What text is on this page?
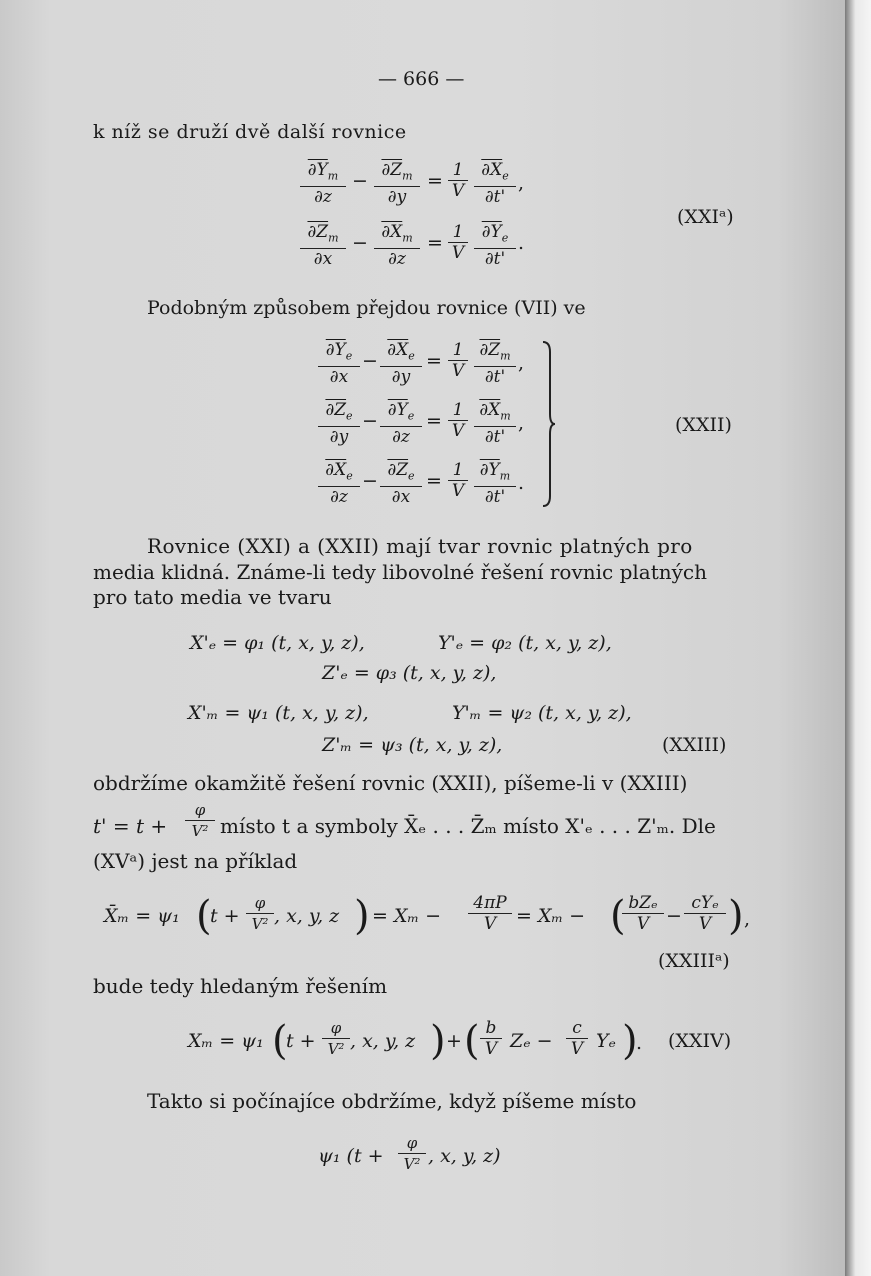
— 666 —
k níž se druží dvě další rovnice
$\frac{\partial Y_m}{\partial z} - \frac{\partial Z_m}{\partial y} = \frac{1}{V} \frac{\partial X_e}{\partial t'}$ ,
$\frac{\partial Z_m}{\partial x} - \frac{\partial X_m}{\partial z} = \frac{1}{V} \frac{\partial Y_e}{\partial t'}$ .
(XXIᵃ)
Podobným způsobem přejdou rovnice (VII) ve
$\frac{\partial Y_e}{\partial x} - \frac{\partial X_e}{\partial y} = \frac{1}{V} \frac{\partial Z_m}{\partial t'}$ ,
$\frac{\partial Z_e}{\partial y} - \frac{\partial Y_e}{\partial z} = \frac{1}{V} \frac{\partial X_m}{\partial t'}$ ,
$\frac{\partial X_e}{\partial z} - \frac{\partial Z_e}{\partial x} = \frac{1}{V} \frac{\partial Y_m}{\partial t'}$ .
(XXII)
Rovnice (XXI) a (XXII) mají tvar rovnic platných pro
media klidná. Známe-li tedy libovolné řešení rovnic platných
pro tato media ve tvaru
X'ₑ = φ₁ (t, x, y, z),	Y'ₑ = φ₂ (t, x, y, z),
Z'ₑ = φ₃ (t, x, y, z),
X'ₘ = ψ₁ (t, x, y, z),	Y'ₘ = ψ₂ (t, x, y, z),
Z'ₘ = ψ₃ (t, x, y, z),	(XXIII)
obdržíme okamžitě řešení rovnic (XXII), píšeme-li v (XXIII)
$t' = t + \frac{\varphi}{\text{V²}}$ místo t a symboly X̄ₑ . . . Z̄ₘ místo X'ₑ . . . Z'ₘ. Dle
(XVᵃ) jest na příklad
X̄ₘ = ψ₁ (
$t + \frac{\varphi}{\text{V²}}$ , x, y, z ) = $X_m - \frac{4\pi P}{V} = X_m$ − ( bZₑ
V −
cYₑ
V ) ,
(XXIIIᵃ)
bude tedy hledaným řešením
Xₘ = ψ₁ (
$t + \frac{\varphi}{\text{V²}}$ , x, y, z ) + ( $\frac{b}{V}$ $Z_e - \frac{c}{V}$ Yₑ )
. (XXIV)
Takto si počínajíce obdržíme, když píšeme místo
ψ₁ ($t + \frac{\varphi}{\text{V²}}$ , x, y, z)
